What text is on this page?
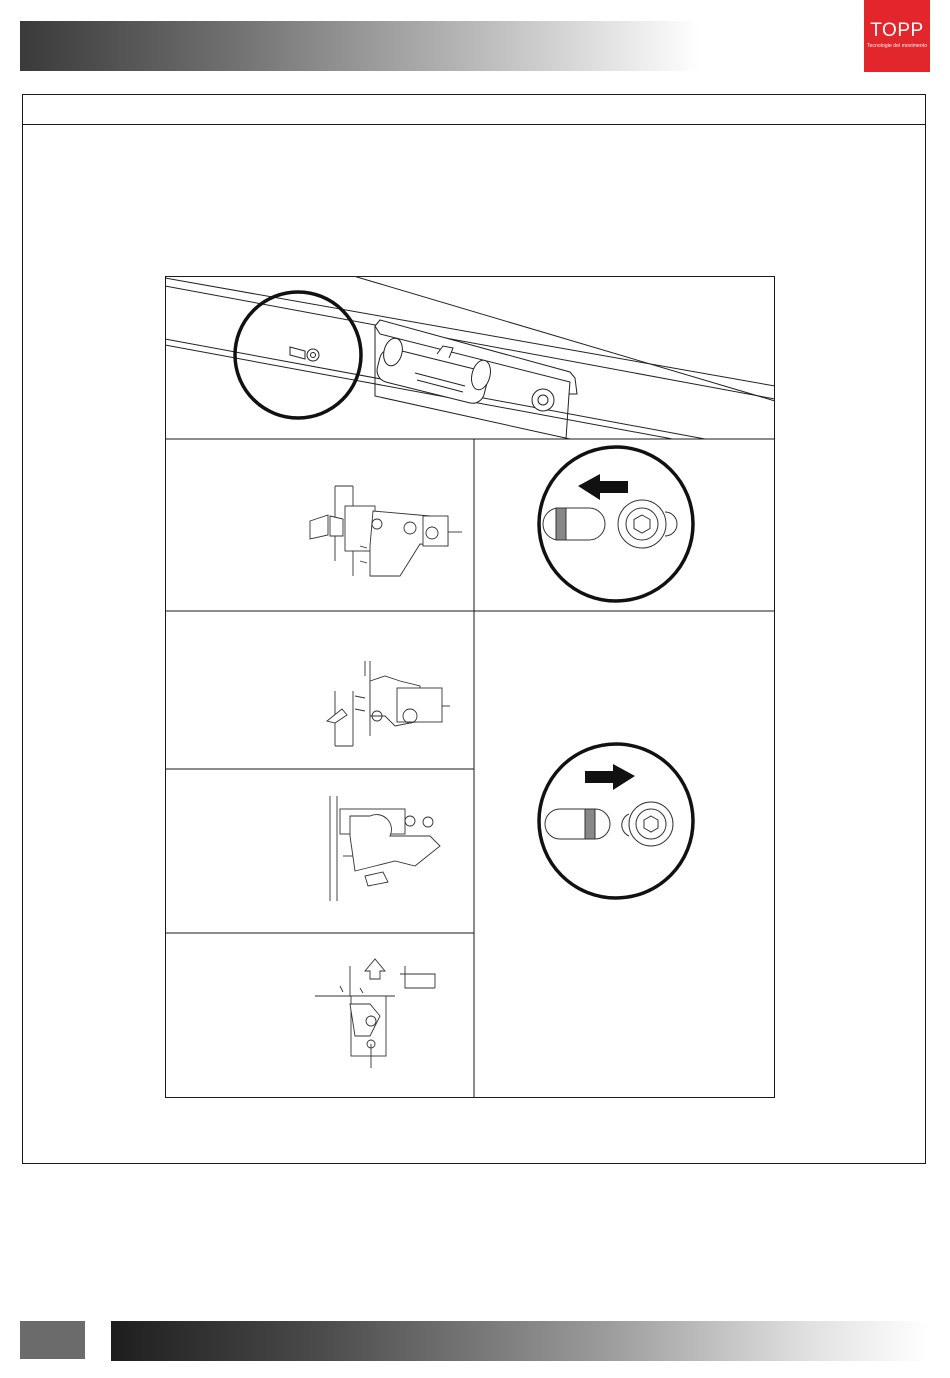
TOPP
Tecnologie del movimento
